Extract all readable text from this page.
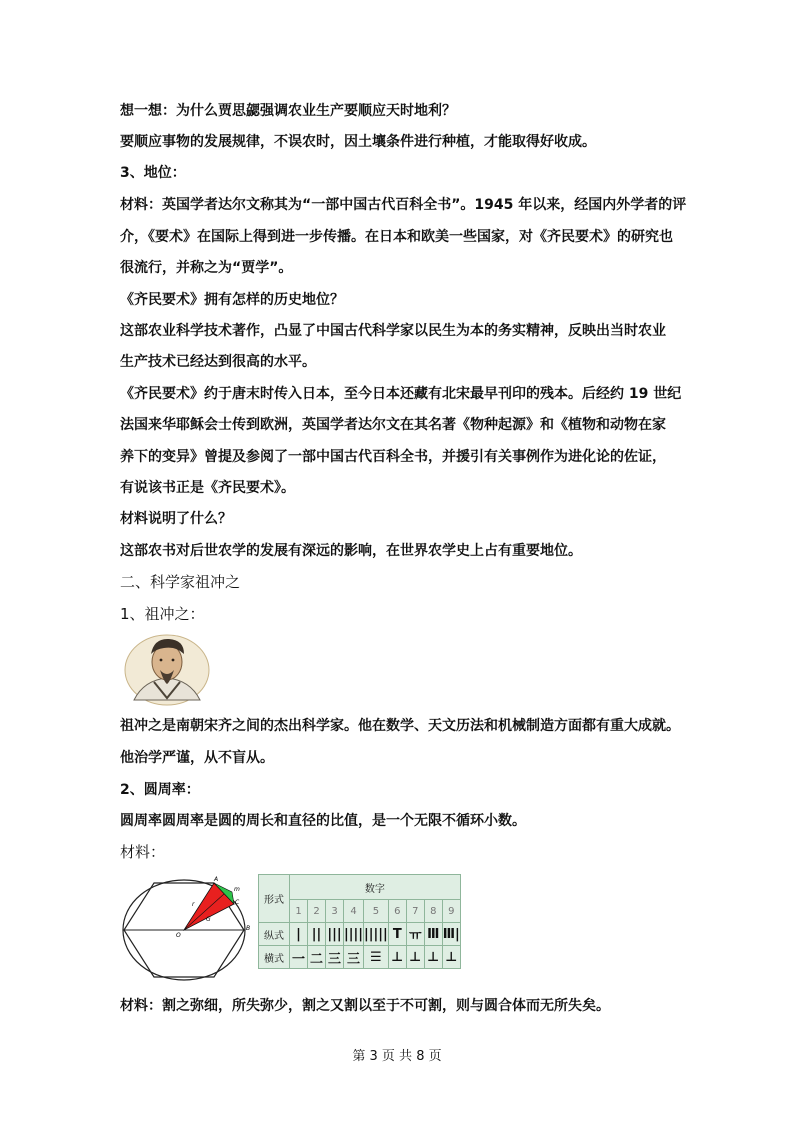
想一想：为什么贾思勰强调农业生产要顺应天时地利？
要顺应事物的发展规律，不误农时，因土壤条件进行种植，才能取得好收成。
3、地位：
材料：英国学者达尔文称其为“一部中国古代百科全书”。1945 年以来，经国内外学者的评
介，《要术》在国际上得到进一步传播。在日本和欧美一些国家，对《齐民要术》的研究也
很流行，并称之为“贾学”。
《齐民要术》拥有怎样的历史地位？
这部农业科学技术著作，凸显了中国古代科学家以民生为本的务实精神，反映出当时农业
生产技术已经达到很高的水平。
《齐民要术》约于唐末时传入日本，至今日本还藏有北宋最早刊印的残本。后经约 19 世纪
法国来华耶稣会士传到欧洲，英国学者达尔文在其名著《物种起源》和《植物和动物在家
养下的变异》曾提及参阅了一部中国古代百科全书，并援引有关事例作为进化论的佐证，
有说该书正是《齐民要术》。
材料说明了什么？
这部农书对后世农学的发展有深远的影响，在世界农学史上占有重要地位。
二、科学家祖冲之
1、祖冲之：
祖冲之是南朝宋齐之间的杰出科学家。他在数学、天文历法和机械制造方面都有重大成就。
他治学严谨，从不盲从。
2、圆周率：
圆周率圆周率是圆的周长和直径的比值，是一个无限不循环小数。
材料：
A
m
C
B
O
r
G
形式	数字								
	1	2	3	4	5	6	7	8	9
纵式	|	||	|||	||||	|||||	T	ㅠ	Ⅲ	Ⅲ|
横式	一	二	三	三	☰	⊥	⊥	⊥	⊥
材料：割之弥细，所失弥少，割之又割以至于不可割，则与圆合体而无所失矣。
第 3 页 共 8 页
